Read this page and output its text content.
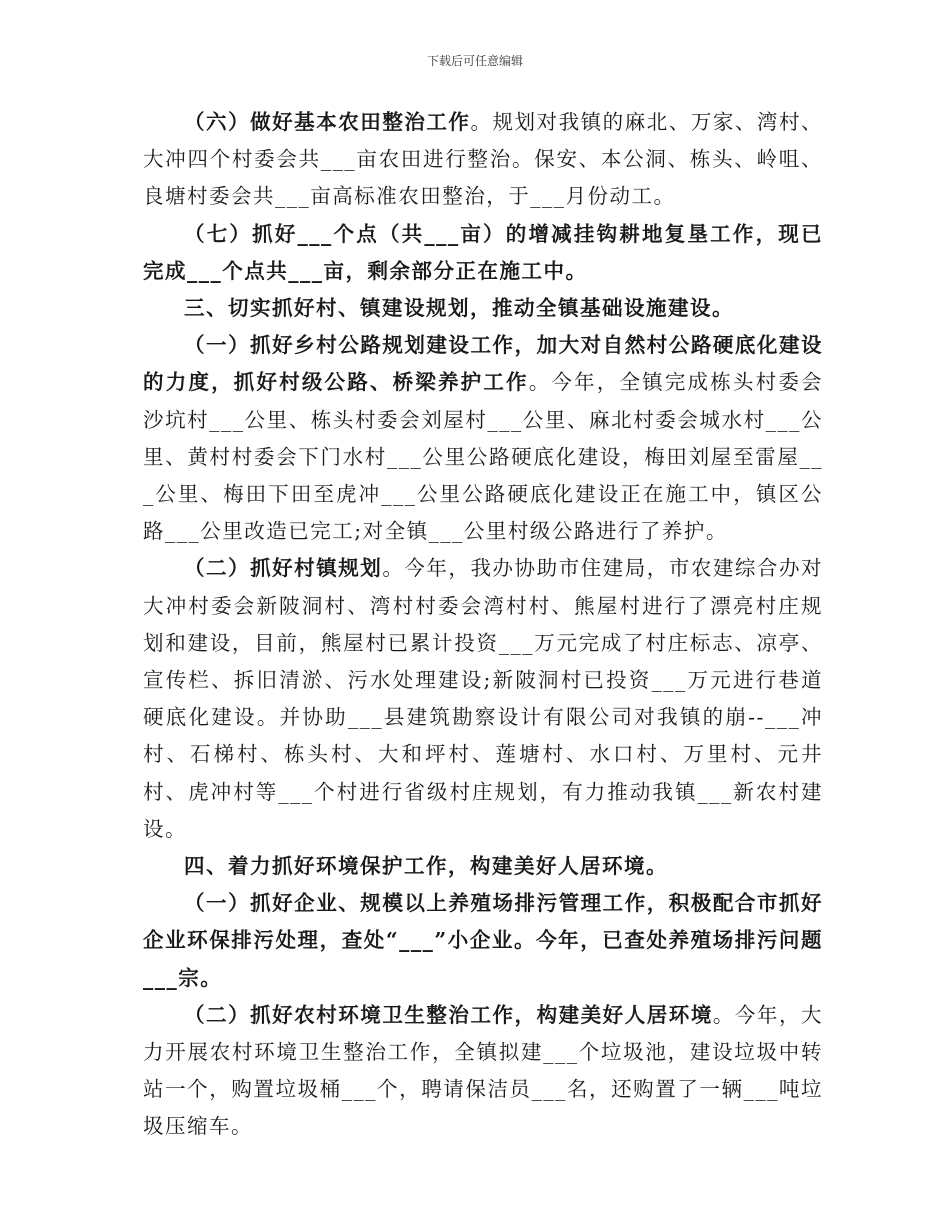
下载后可任意编辑

（六）做好基本农田整治工作。规划对我镇的麻北、万家、湾村、大冲四个村委会共___亩农田进行整治。保安、本公洞、栋头、岭咀、良塘村委会共___亩高标准农田整治，于___月份动工。

（七）抓好___个点（共___亩）的增减挂钩耕地复垦工作，现已完成___个点共___亩，剩余部分正在施工中。

三、切实抓好村、镇建设规划，推动全镇基础设施建设。

（一）抓好乡村公路规划建设工作，加大对自然村公路硬底化建设的力度，抓好村级公路、桥梁养护工作。今年，全镇完成栋头村委会沙坑村___公里、栋头村委会刘屋村___公里、麻北村委会城水村___公里、黄村村委会下门水村___公里公路硬底化建设，梅田刘屋至雷屋___公里、梅田下田至虎冲___公里公路硬底化建设正在施工中，镇区公路___公里改造已完工;对全镇___公里村级公路进行了养护。

（二）抓好村镇规划。今年，我办协助市住建局，市农建综合办对大冲村委会新陂洞村、湾村村委会湾村村、熊屋村进行了漂亮村庄规划和建设，目前，熊屋村已累计投资___万元完成了村庄标志、凉亭、宣传栏、拆旧清淤、污水处理建设;新陂洞村已投资___万元进行巷道硬底化建设。并协助___县建筑勘察设计有限公司对我镇的崩--___冲村、石梯村、栋头村、大和坪村、莲塘村、水口村、万里村、元井村、虎冲村等___个村进行省级村庄规划，有力推动我镇___新农村建设。

四、着力抓好环境保护工作，构建美好人居环境。

（一）抓好企业、规模以上养殖场排污管理工作，积极配合市抓好企业环保排污处理，查处“___”小企业。今年，已查处养殖场排污问题___宗。

（二）抓好农村环境卫生整治工作，构建美好人居环境。今年，大力开展农村环境卫生整治工作，全镇拟建___个垃圾池，建设垃圾中转站一个，购置垃圾桶___个，聘请保洁员___名，还购置了一辆___吨垃圾压缩车。
